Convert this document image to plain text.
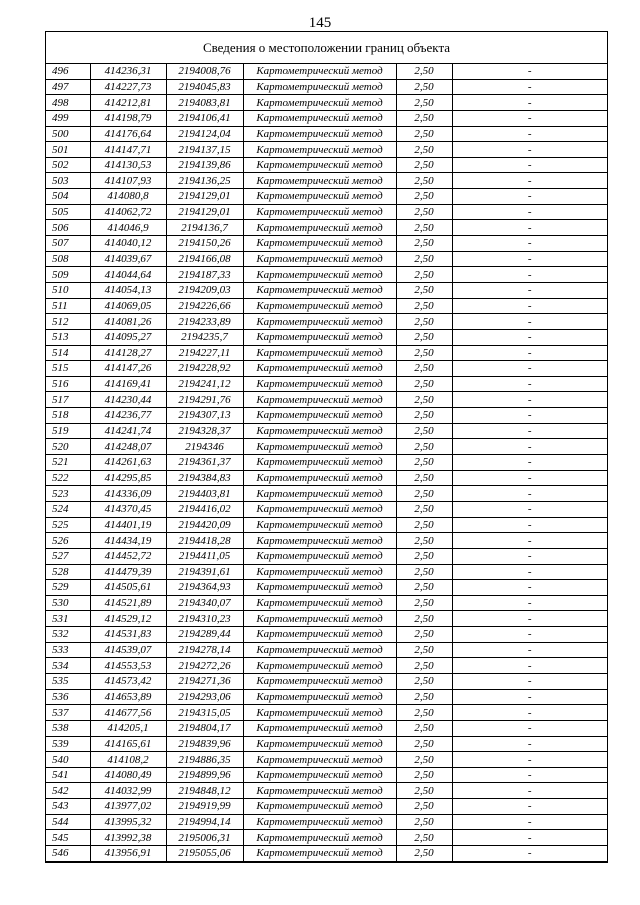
145
Сведения о местоположении границ объекта
496	414236,31	2194008,76	Картометрический метод	2,50	-
497	414227,73	2194045,83	Картометрический метод	2,50	-
498	414212,81	2194083,81	Картометрический метод	2,50	-
499	414198,79	2194106,41	Картометрический метод	2,50	-
500	414176,64	2194124,04	Картометрический метод	2,50	-
501	414147,71	2194137,15	Картометрический метод	2,50	-
502	414130,53	2194139,86	Картометрический метод	2,50	-
503	414107,93	2194136,25	Картометрический метод	2,50	-
504	414080,8	2194129,01	Картометрический метод	2,50	-
505	414062,72	2194129,01	Картометрический метод	2,50	-
506	414046,9	2194136,7	Картометрический метод	2,50	-
507	414040,12	2194150,26	Картометрический метод	2,50	-
508	414039,67	2194166,08	Картометрический метод	2,50	-
509	414044,64	2194187,33	Картометрический метод	2,50	-
510	414054,13	2194209,03	Картометрический метод	2,50	-
511	414069,05	2194226,66	Картометрический метод	2,50	-
512	414081,26	2194233,89	Картометрический метод	2,50	-
513	414095,27	2194235,7	Картометрический метод	2,50	-
514	414128,27	2194227,11	Картометрический метод	2,50	-
515	414147,26	2194228,92	Картометрический метод	2,50	-
516	414169,41	2194241,12	Картометрический метод	2,50	-
517	414230,44	2194291,76	Картометрический метод	2,50	-
518	414236,77	2194307,13	Картометрический метод	2,50	-
519	414241,74	2194328,37	Картометрический метод	2,50	-
520	414248,07	2194346	Картометрический метод	2,50	-
521	414261,63	2194361,37	Картометрический метод	2,50	-
522	414295,85	2194384,83	Картометрический метод	2,50	-
523	414336,09	2194403,81	Картометрический метод	2,50	-
524	414370,45	2194416,02	Картометрический метод	2,50	-
525	414401,19	2194420,09	Картометрический метод	2,50	-
526	414434,19	2194418,28	Картометрический метод	2,50	-
527	414452,72	2194411,05	Картометрический метод	2,50	-
528	414479,39	2194391,61	Картометрический метод	2,50	-
529	414505,61	2194364,93	Картометрический метод	2,50	-
530	414521,89	2194340,07	Картометрический метод	2,50	-
531	414529,12	2194310,23	Картометрический метод	2,50	-
532	414531,83	2194289,44	Картометрический метод	2,50	-
533	414539,07	2194278,14	Картометрический метод	2,50	-
534	414553,53	2194272,26	Картометрический метод	2,50	-
535	414573,42	2194271,36	Картометрический метод	2,50	-
536	414653,89	2194293,06	Картометрический метод	2,50	-
537	414677,56	2194315,05	Картометрический метод	2,50	-
538	414205,1	2194804,17	Картометрический метод	2,50	-
539	414165,61	2194839,96	Картометрический метод	2,50	-
540	414108,2	2194886,35	Картометрический метод	2,50	-
541	414080,49	2194899,96	Картометрический метод	2,50	-
542	414032,99	2194848,12	Картометрический метод	2,50	-
543	413977,02	2194919,99	Картометрический метод	2,50	-
544	413995,32	2194994,14	Картометрический метод	2,50	-
545	413992,38	2195006,31	Картометрический метод	2,50	-
546	413956,91	2195055,06	Картометрический метод	2,50	-
